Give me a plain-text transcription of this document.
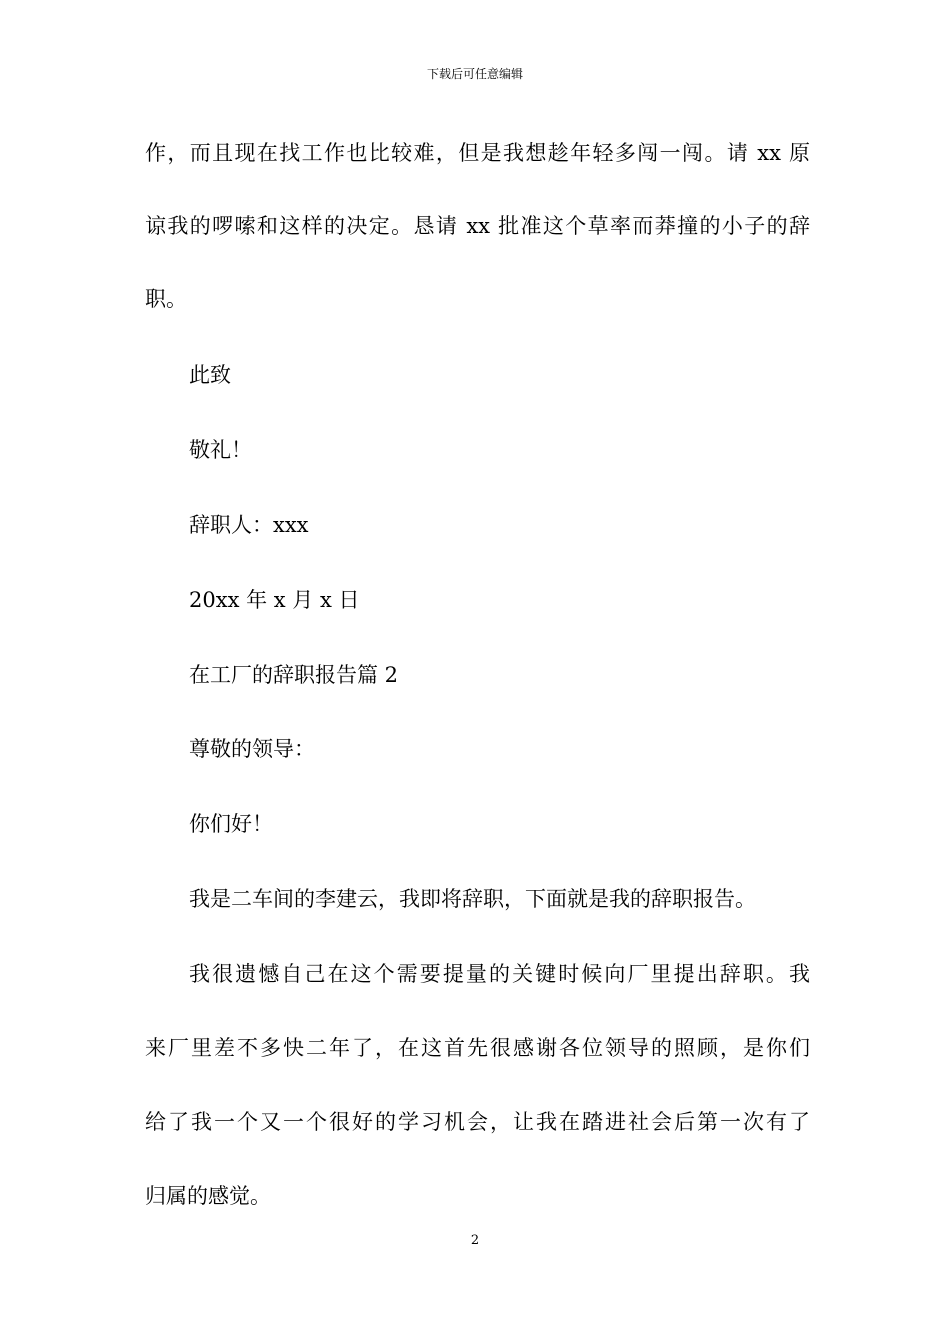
下载后可任意编辑
作，而且现在找工作也比较难，但是我想趁年轻多闯一闯。请 xx 原
谅我的啰嗦和这样的决定。恳请 xx 批准这个草率而莽撞的小子的辞
职。
此致
敬礼！
辞职人：xxx
20xx 年 x 月 x 日
在工厂的辞职报告篇 2
尊敬的领导：
你们好！
我是二车间的李建云，我即将辞职，下面就是我的辞职报告。
我很遗憾自己在这个需要提量的关键时候向厂里提出辞职。我
来厂里差不多快二年了，在这首先很感谢各位领导的照顾，是你们
给了我一个又一个很好的学习机会，让我在踏进社会后第一次有了
归属的感觉。
2
